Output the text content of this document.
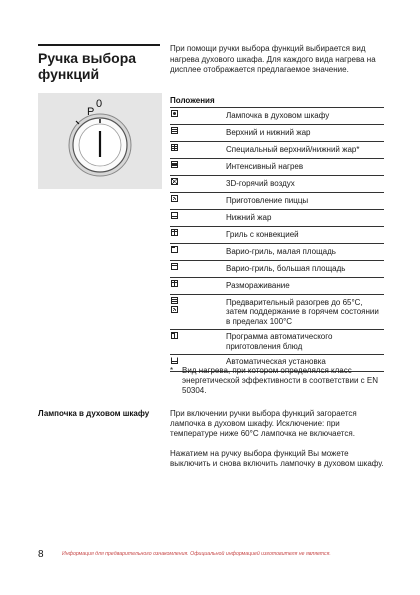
Ручка выбора функций
P
0
При помощи ручки выбора функций выбирается вид нагрева духового шкафа. Для каждого вида нагрева на дисплее отображается предлагаемое значение.
Положения
	Лампочка в духовом шкафу

	Верхний и нижний жар

	Специальный верхний/нижний жар*

	Интенсивный нагрев

	3D-горячий воздух

	Приготовление пиццы

	Нижний жар

	Гриль с конвекцией

	Варио-гриль, малая площадь

	Варио-гриль, большая площадь

	Размораживание

	Предварительный разогрев до 65°C, затем поддержание в горячем состоянии в пределах 100°C

	Программа автоматического приготовления блюд

	Автоматическая установка
* Вид нагрева, при котором определялся класс энергетической эффективности в соответствии с EN 50304.
Лампочка в духовом шкафу	При включении ручки выбора функций загорается лампочка в духовом шкафу. Исключение: при температуре ниже 60°C лампочка не включается.
Нажатием на ручку выбора функций Вы можете выключить и снова включить лампочку в духовом шкафу.
8	Информация для предварительного ознакомления. Официальной информацией изготовителя не является.
